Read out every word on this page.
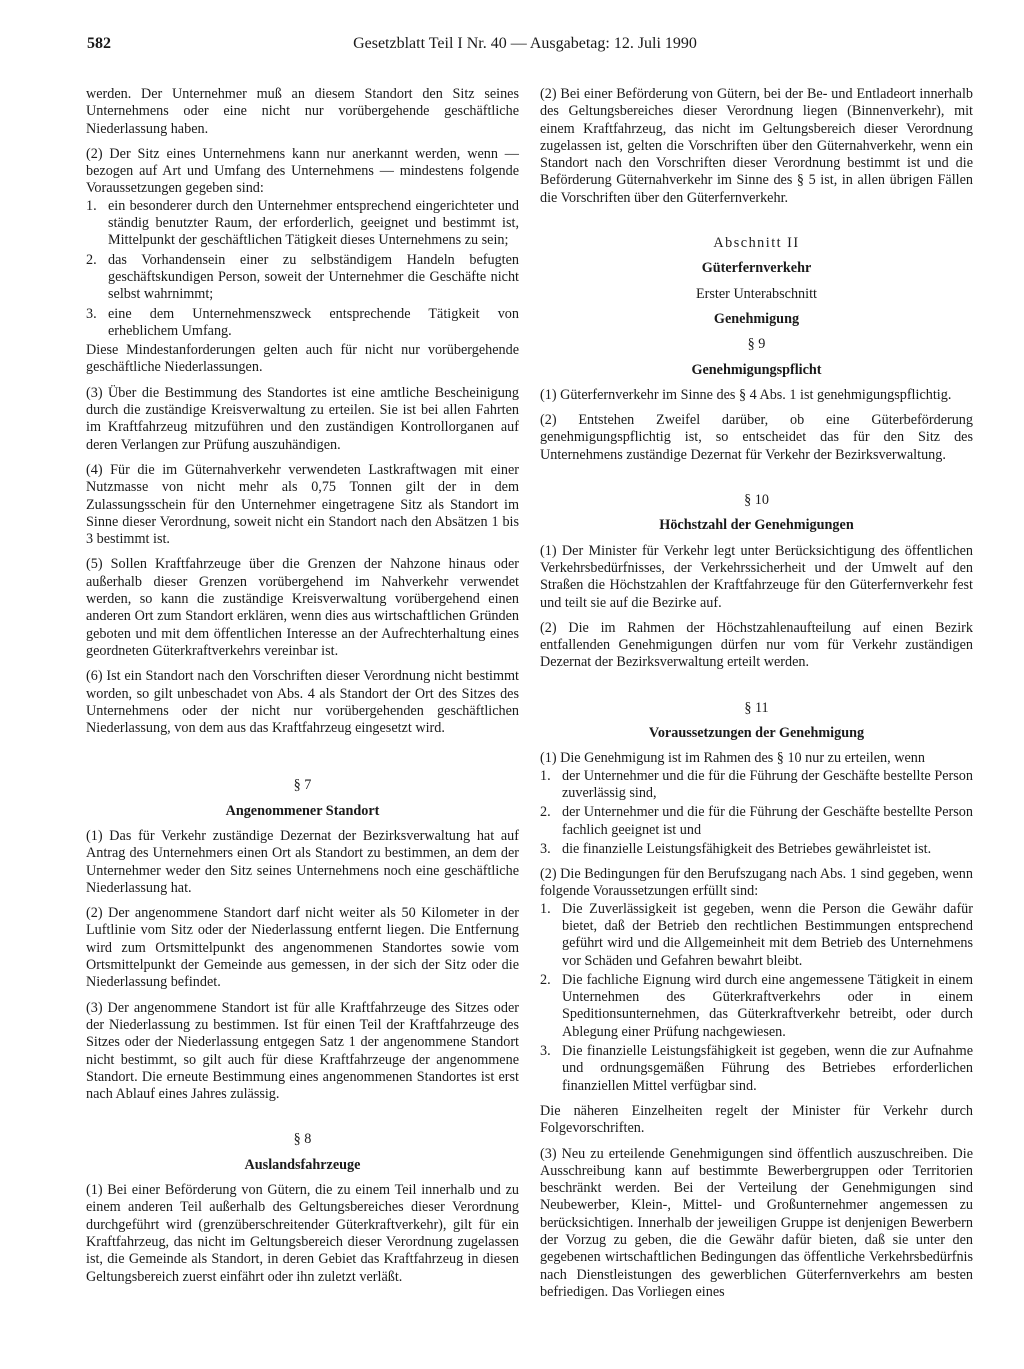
582	Gesetzblatt Teil I Nr. 40 — Ausgabetag: 12. Juli 1990

werden. Der Unternehmer muß an diesem Standort den Sitz seines Unternehmens oder eine nicht nur vorübergehende geschäftliche Niederlassung haben.

(2) Der Sitz eines Unternehmens kann nur anerkannt werden, wenn — bezogen auf Art und Umfang des Unternehmens — mindestens folgende Voraussetzungen gegeben sind:

1. ein besonderer durch den Unternehmer entsprechend eingerichteter und ständig benutzter Raum, der erforderlich, geeignet und bestimmt ist, Mittelpunkt der geschäftlichen Tätigkeit dieses Unternehmens zu sein;
2. das Vorhandensein einer zu selbständigem Handeln befugten geschäftskundigen Person, soweit der Unternehmer die Geschäfte nicht selbst wahrnimmt;
3. eine dem Unternehmenszweck entsprechende Tätigkeit von erheblichem Umfang.

Diese Mindestanforderungen gelten auch für nicht nur vorübergehende geschäftliche Niederlassungen.

(3) Über die Bestimmung des Standortes ist eine amtliche Bescheinigung durch die zuständige Kreisverwaltung zu erteilen. Sie ist bei allen Fahrten im Kraftfahrzeug mitzuführen und den zuständigen Kontrollorganen auf deren Verlangen zur Prüfung auszuhändigen.

(4) Für die im Güternahverkehr verwendeten Lastkraftwagen mit einer Nutzmasse von nicht mehr als 0,75 Tonnen gilt der in dem Zulassungsschein für den Unternehmer eingetragene Sitz als Standort im Sinne dieser Verordnung, soweit nicht ein Standort nach den Absätzen 1 bis 3 bestimmt ist.

(5) Sollen Kraftfahrzeuge über die Grenzen der Nahzone hinaus oder außerhalb dieser Grenzen vorübergehend im Nahverkehr verwendet werden, so kann die zuständige Kreisverwaltung vorübergehend einen anderen Ort zum Standort erklären, wenn dies aus wirtschaftlichen Gründen geboten und mit dem öffentlichen Interesse an der Aufrechterhaltung eines geordneten Güterkraftverkehrs vereinbar ist.

(6) Ist ein Standort nach den Vorschriften dieser Verordnung nicht bestimmt worden, so gilt unbeschadet von Abs. 4 als Standort der Ort des Sitzes des Unternehmens oder der nicht nur vorübergehenden geschäftlichen Niederlassung, von dem aus das Kraftfahrzeug eingesetzt wird.

§ 7

Angenommener Standort

(1) Das für Verkehr zuständige Dezernat der Bezirksverwaltung hat auf Antrag des Unternehmers einen Ort als Standort zu bestimmen, an dem der Unternehmer weder den Sitz seines Unternehmens noch eine geschäftliche Niederlassung hat.

(2) Der angenommene Standort darf nicht weiter als 50 Kilometer in der Luftlinie vom Sitz oder der Niederlassung entfernt liegen. Die Entfernung wird zum Ortsmittelpunkt des angenommenen Standortes sowie vom Ortsmittelpunkt der Gemeinde aus gemessen, in der sich der Sitz oder die Niederlassung befindet.

(3) Der angenommene Standort ist für alle Kraftfahrzeuge des Sitzes oder der Niederlassung zu bestimmen. Ist für einen Teil der Kraftfahrzeuge des Sitzes oder der Niederlassung entgegen Satz 1 der angenommene Standort nicht bestimmt, so gilt auch für diese Kraftfahrzeuge der angenommene Standort. Die erneute Bestimmung eines angenommenen Standortes ist erst nach Ablauf eines Jahres zulässig.

§ 8

Auslandsfahrzeuge

(1) Bei einer Beförderung von Gütern, die zu einem Teil innerhalb und zu einem anderen Teil außerhalb des Geltungsbereiches dieser Verordnung durchgeführt wird (grenzüberschreitender Güterkraftverkehr), gilt für ein Kraftfahrzeug, das nicht im Geltungsbereich dieser Verordnung zugelassen ist, die Gemeinde als Standort, in deren Gebiet das Kraftfahrzeug in diesen Geltungsbereich zuerst einfährt oder ihn zuletzt verläßt.

(2) Bei einer Beförderung von Gütern, bei der Be- und Entladeort innerhalb des Geltungsbereiches dieser Verordnung liegen (Binnenverkehr), mit einem Kraftfahrzeug, das nicht im Geltungsbereich dieser Verordnung zugelassen ist, gelten die Vorschriften über den Güternahverkehr, wenn ein Standort nach den Vorschriften dieser Verordnung bestimmt ist und die Beförderung Güternahverkehr im Sinne des § 5 ist, in allen übrigen Fällen die Vorschriften über den Güterfernverkehr.

Abschnitt II

Güterfernverkehr

Erster Unterabschnitt

Genehmigung

§ 9

Genehmigungspflicht

(1) Güterfernverkehr im Sinne des § 4 Abs. 1 ist genehmigungspflichtig.

(2) Entstehen Zweifel darüber, ob eine Güterbeförderung genehmigungspflichtig ist, so entscheidet das für den Sitz des Unternehmens zuständige Dezernat für Verkehr der Bezirksverwaltung.

§ 10

Höchstzahl der Genehmigungen

(1) Der Minister für Verkehr legt unter Berücksichtigung des öffentlichen Verkehrsbedürfnisses, der Verkehrssicherheit und der Umwelt auf den Straßen die Höchstzahlen der Kraftfahrzeuge für den Güterfernverkehr fest und teilt sie auf die Bezirke auf.

(2) Die im Rahmen der Höchstzahlenaufteilung auf einen Bezirk entfallenden Genehmigungen dürfen nur vom für Verkehr zuständigen Dezernat der Bezirksverwaltung erteilt werden.

§ 11

Voraussetzungen der Genehmigung

(1) Die Genehmigung ist im Rahmen des § 10 nur zu erteilen, wenn

1. der Unternehmer und die für die Führung der Geschäfte bestellte Person zuverlässig sind,
2. der Unternehmer und die für die Führung der Geschäfte bestellte Person fachlich geeignet ist und
3. die finanzielle Leistungsfähigkeit des Betriebes gewährleistet ist.

(2) Die Bedingungen für den Berufszugang nach Abs. 1 sind gegeben, wenn folgende Voraussetzungen erfüllt sind:

1. Die Zuverlässigkeit ist gegeben, wenn die Person die Gewähr dafür bietet, daß der Betrieb den rechtlichen Bestimmungen entsprechend geführt wird und die Allgemeinheit mit dem Betrieb des Unternehmens vor Schäden und Gefahren bewahrt bleibt.
2. Die fachliche Eignung wird durch eine angemessene Tätigkeit in einem Unternehmen des Güterkraftverkehrs oder in einem Speditionsunternehmen, das Güterkraftverkehr betreibt, oder durch Ablegung einer Prüfung nachgewiesen.
3. Die finanzielle Leistungsfähigkeit ist gegeben, wenn die zur Aufnahme und ordnungsgemäßen Führung des Betriebes erforderlichen finanziellen Mittel verfügbar sind.

Die näheren Einzelheiten regelt der Minister für Verkehr durch Folgevorschriften.

(3) Neu zu erteilende Genehmigungen sind öffentlich auszuschreiben. Die Ausschreibung kann auf bestimmte Bewerbergruppen oder Territorien beschränkt werden. Bei der Verteilung der Genehmigungen sind Neubewerber, Klein-, Mittel- und Großunternehmer angemessen zu berücksichtigen. Innerhalb der jeweiligen Gruppe ist denjenigen Bewerbern der Vorzug zu geben, die die Gewähr dafür bieten, daß sie unter den gegebenen wirtschaftlichen Bedingungen das öffentliche Verkehrsbedürfnis nach Dienstleistungen des gewerblichen Güterfernverkehrs am besten befriedigen. Das Vorliegen eines
